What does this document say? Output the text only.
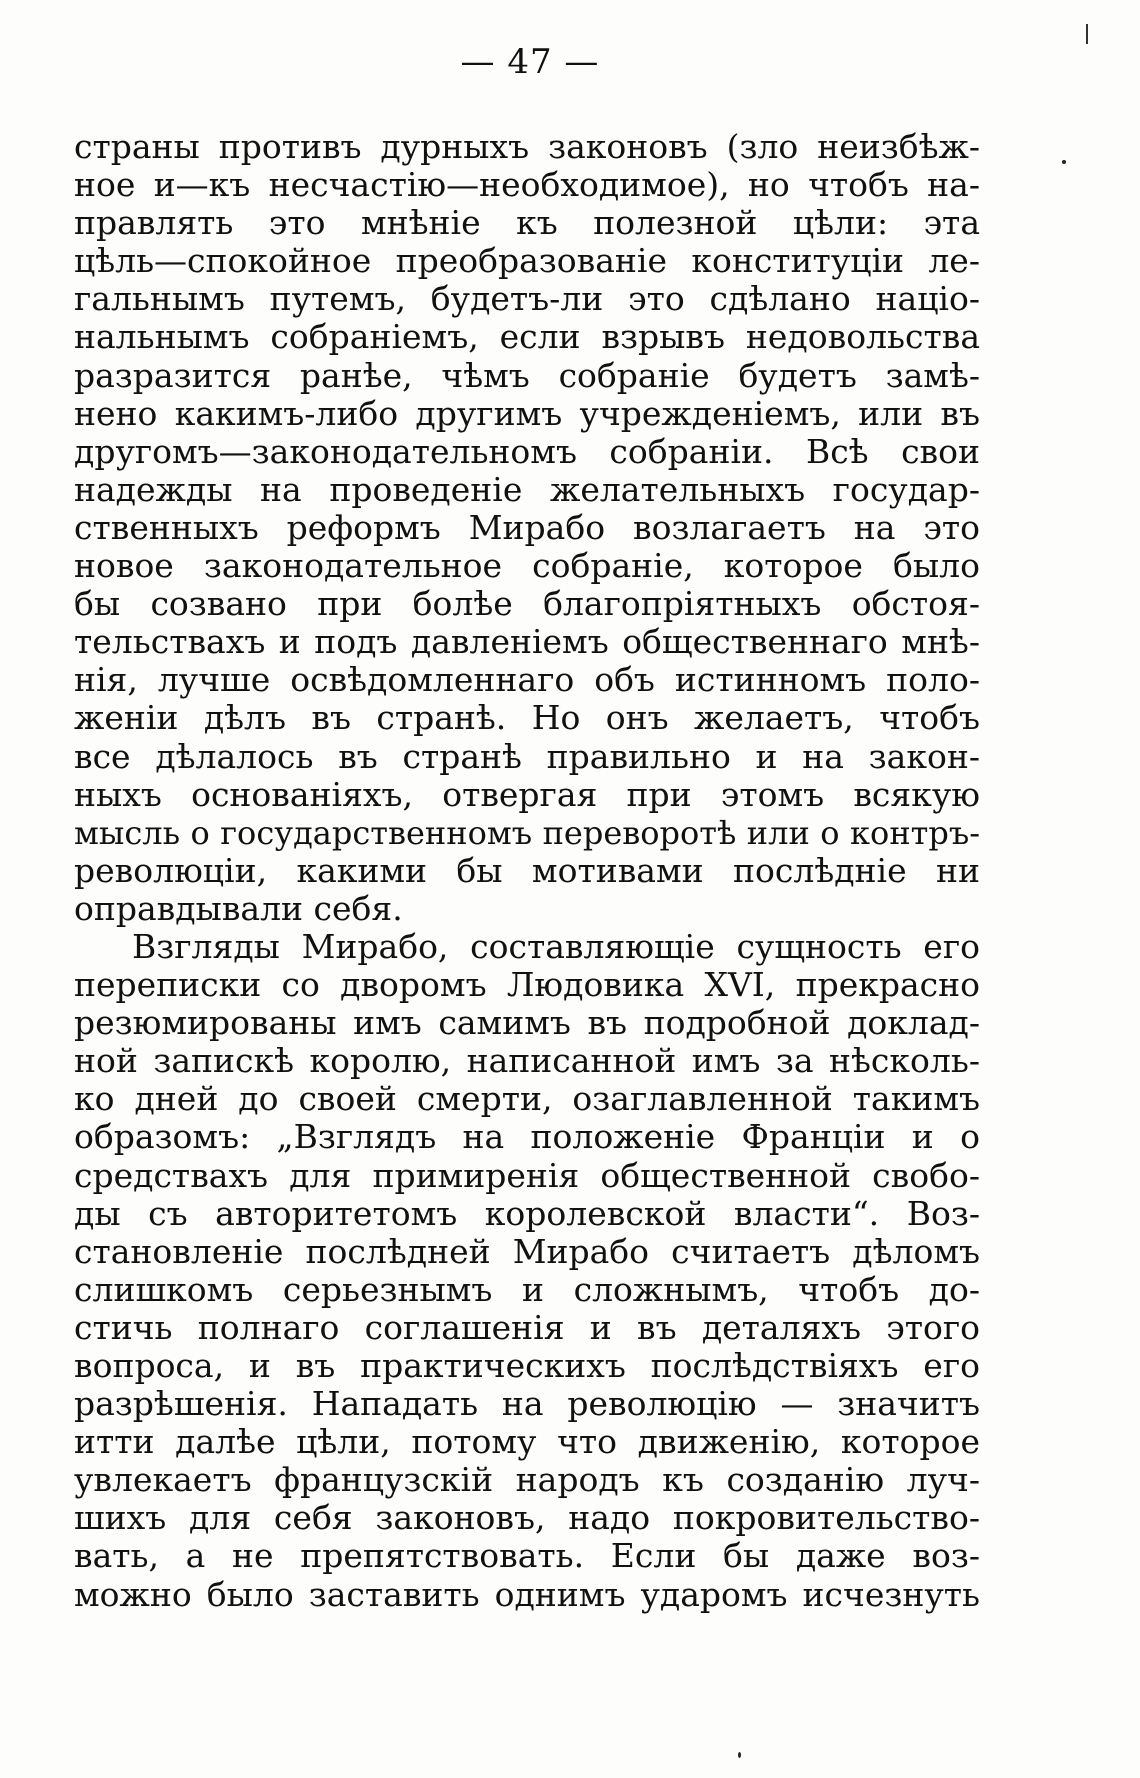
— 47 —
страны противъ дурныхъ законовъ (зло неизбѣж-
ное и—къ несчастію—необходимое), но чтобъ на-
правлять это мнѣніе къ полезной цѣли: эта
цѣль—спокойное преобразованіе конституціи ле-
гальнымъ путемъ, будетъ-ли это сдѣлано націо-
нальнымъ собраніемъ, если взрывъ недовольства
разразится ранѣе, чѣмъ собраніе будетъ замѣ-
нено какимъ-либо другимъ учрежденіемъ, или въ
другомъ—законодательномъ собраніи. Всѣ свои
надежды на проведеніе желательныхъ государ-
ственныхъ реформъ Мирабо возлагаетъ на это
новое законодательное собраніе, которое было
бы созвано при болѣе благопріятныхъ обстоя-
тельствахъ и подъ давленіемъ общественнаго мнѣ-
нія, лучше освѣдомленнаго объ истинномъ поло-
женіи дѣлъ въ странѣ. Но онъ желаетъ, чтобъ
все дѣлалось въ странѣ правильно и на закон-
ныхъ основаніяхъ, отвергая при этомъ всякую
мысль о государственномъ переворотѣ или о контръ-
революціи, какими бы мотивами послѣдніе ни
оправдывали себя.
Взгляды Мирабо, составляющіе сущность его
переписки со дворомъ Людовика XVI, прекрасно
резюмированы имъ самимъ въ подробной доклад-
ной запискѣ королю, написанной имъ за нѣсколь-
ко дней до своей смерти, озаглавленной такимъ
образомъ: „Взглядъ на положеніе Франціи и о
средствахъ для примиренія общественной свобо-
ды съ авторитетомъ королевской власти“. Воз-
становленіе послѣдней Мирабо считаетъ дѣломъ
слишкомъ серьезнымъ и сложнымъ, чтобъ до-
стичь полнаго соглашенія и въ деталяхъ этого
вопроса, и въ практическихъ послѣдствіяхъ его
разрѣшенія. Нападать на революцію — значитъ
итти далѣе цѣли, потому что движенію, которое
увлекаетъ французскій народъ къ созданію луч-
шихъ для себя законовъ, надо покровительство-
вать, а не препятствовать. Если бы даже воз-
можно было заставить однимъ ударомъ исчезнуть
